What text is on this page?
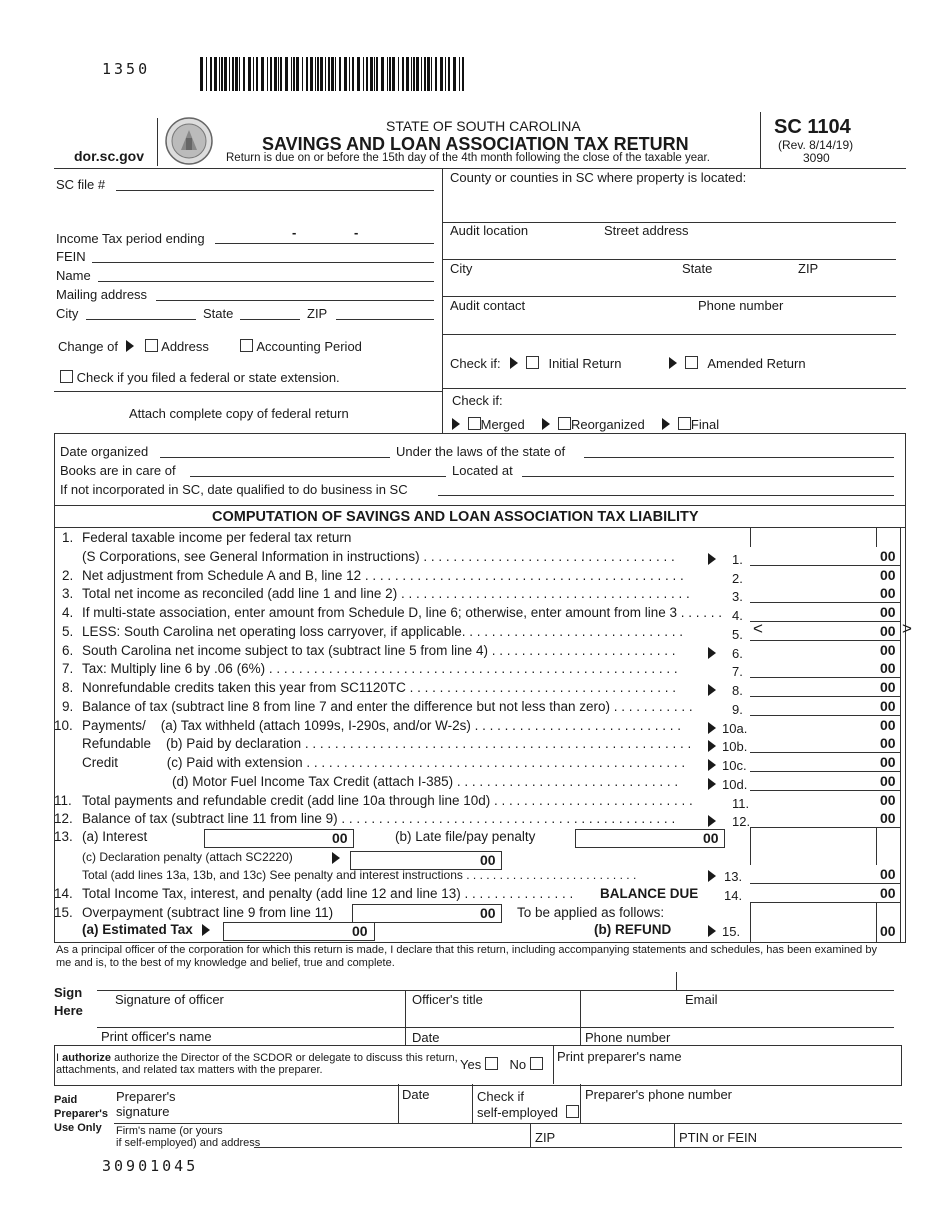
1350
dor.sc.gov
STATE OF SOUTH CAROLINA
SAVINGS AND LOAN ASSOCIATION TAX RETURN
Return is due on or before the 15th day of the 4th month following the close of the taxable year.
SC 1104
(Rev. 8/14/19)
3090
SC file #
Income Tax period ending	-	-
FEIN
Name
Mailing address
City	State	ZIP
Change of	Address	Accounting Period
Check if you filed a federal or state extension.
Attach complete copy of federal return
County or counties in SC where property is located:
Audit location	Street address
City	State	ZIP
Audit contact	Phone number
Check if:	Initial Return	Amended Return
Check if:
Merged	Reorganized	Final
Date organized	Under the laws of the state of
Books are in care of	Located at
If not incorporated in SC, date qualified to do business in SC
COMPUTATION OF SAVINGS AND LOAN ASSOCIATION TAX LIABILITY
1. Federal taxable income per federal tax return
(S Corporations, see General Information in instructions) . . . . . . . . . . . . . . . . . . . . . . . . . . . . . . . . . .	1.	00
2. Net adjustment from Schedule A and B, line 12 . . . . . . . . . . . . . . . . . . . . . . . . . . . . . . . . . . . . . . . . . . .	2.	00
3. Total net income as reconciled (add line 1 and line 2) . . . . . . . . . . . . . . . . . . . . . . . . . . . . . . . . . . . . . . .	3.	00
4. If multi-state association, enter amount from Schedule D, line 6; otherwise, enter amount from line 3 . . . . . . 4.	00
5. LESS: South Carolina net operating loss carryover, if applicable. . . . . . . . . . . . . . . . . . . . . . . . . . . . . .	5.	00
6. South Carolina net income subject to tax (subtract line 5 from line 4) . . . . . . . . . . . . . . . . . . . . . . . . .	6.	00
7. Tax: Multiply line 6 by .06 (6%) . . . . . . . . . . . . . . . . . . . . . . . . . . . . . . . . . . . . . . . . . . . . . . . . . . . . . . .	7.	00
8. Nonrefundable credits taken this year from SC1120TC . . . . . . . . . . . . . . . . . . . . . . . . . . . . . . . . . . . .	8.	00
9. Balance of tax (subtract line 8 from line 7 and enter the difference but not less than zero) . . . . . . . . . . .	9.	00
10. Payments/    (a) Tax withheld (attach 1099s, I-290s, and/or W-2s) . . . . . . . . . . . . . . . . . . . . . . . . . . . .	10a.	00
Refundable    (b) Paid by declaration . . . . . . . . . . . . . . . . . . . . . . . . . . . . . . . . . . . . . . . . . . . . . . . . . . . . 10b.	00
Credit             (c) Paid with extension . . . . . . . . . . . . . . . . . . . . . . . . . . . . . . . . . . . . . . . . . . . . . . . . . . .	10c.	00
(d) Motor Fuel Income Tax Credit (attach I-385) . . . . . . . . . . . . . . . . . . . . . . . . . . . . . .	10d.	00
11. Total payments and refundable credit (add line 10a through line 10d) . . . . . . . . . . . . . . . . . . . . . . . . . . .	11.	00
12. Balance of tax (subtract line 11 from line 9) . . . . . . . . . . . . . . . . . . . . . . . . . . . . . . . . . . . . . . . . . . . . .	12.	00
<	>
13. (a) Interest	00	(b) Late file/pay penalty	00
(c) Declaration penalty (attach SC2220)	00
Total (add lines 13a, 13b, and 13c) See penalty and interest instructions . . . . . . . . . . . . . . . . . . . . . . . . . .	13.	00
14. Total Income Tax, interest, and penalty (add line 12 and line 13) . . . . . . . . . . . . . . . BALANCE DUE 14.	00
15. Overpayment (subtract line 9 from line 11)	00 To be applied as follows:
(a) Estimated Tax	00	(b) REFUND	15.	00
As a principal officer of the corporation for which this return is made, I declare that this return, including accompanying statements and schedules, has been examined by me and is, to the best of my knowledge and belief, true and complete.
Sign
Here
Signature of officer	Officer's title	Email
Print officer's name	Date	Phone number
I authorize authorize the Director of the SCDOR or delegate to discuss this return,
attachments, and related tax matters with the preparer.	Yes No
Print preparer's name
Paid
Preparer's
Use Only
Preparer's
signature
Date	Check if
self-employed
Preparer's phone number
Firm's name (or yours
if self-employed) and address	ZIP	PTIN or FEIN
30901045
